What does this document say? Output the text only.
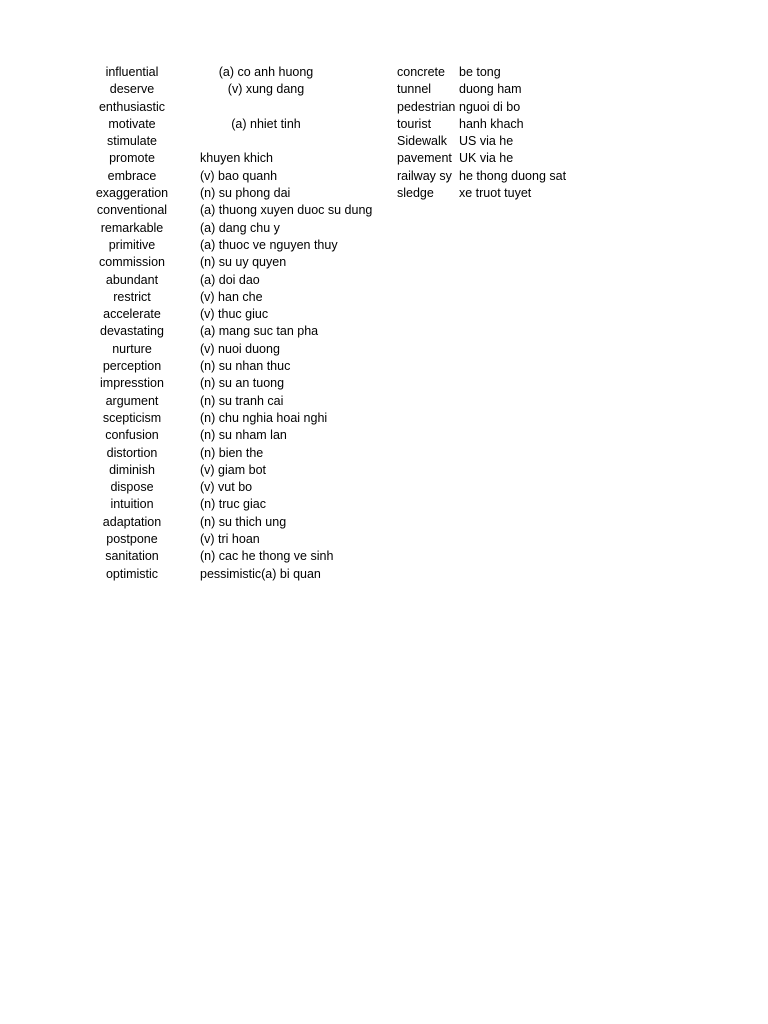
influential
deserve
enthusiastic
motivate
stimulate
promote
embrace
exaggeration
conventional
remarkable
primitive
commission
abundant
restrict
accelerate
devastating
nurture
perception
impresstion
argument
scepticism
confusion
distortion
diminish
dispose
intuition
adaptation
postpone
sanitation
optimistic
(a) co anh huong
(v) xung dang
(a) nhiet tinh
khuyen khich
(v) bao quanh
(n) su phong dai
(a) thuong xuyen duoc su dung
(a) dang chu y
(a) thuoc ve nguyen thuy
(n) su uy quyen
(a) doi dao
(v) han che
(v) thuc giuc
(a) mang suc tan pha
(v) nuoi duong
(n) su nhan thuc
(n) su an tuong
(n) su tranh cai
(n) chu nghia hoai nghi
(n) su nham lan
(n) bien the
(v) giam bot
(v) vut bo
(n) truc giac
(n) su thich ung
(v) tri hoan
(n) cac he thong ve sinh
pessimistic(a) bi quan
concrete
tunnel
pedestrian
tourist
Sidewalk
pavement
railway sy
sledge
be tong
duong ham
nguoi di bo
hanh khach
US via he
UK via he
he thong duong sat
xe truot tuyet
